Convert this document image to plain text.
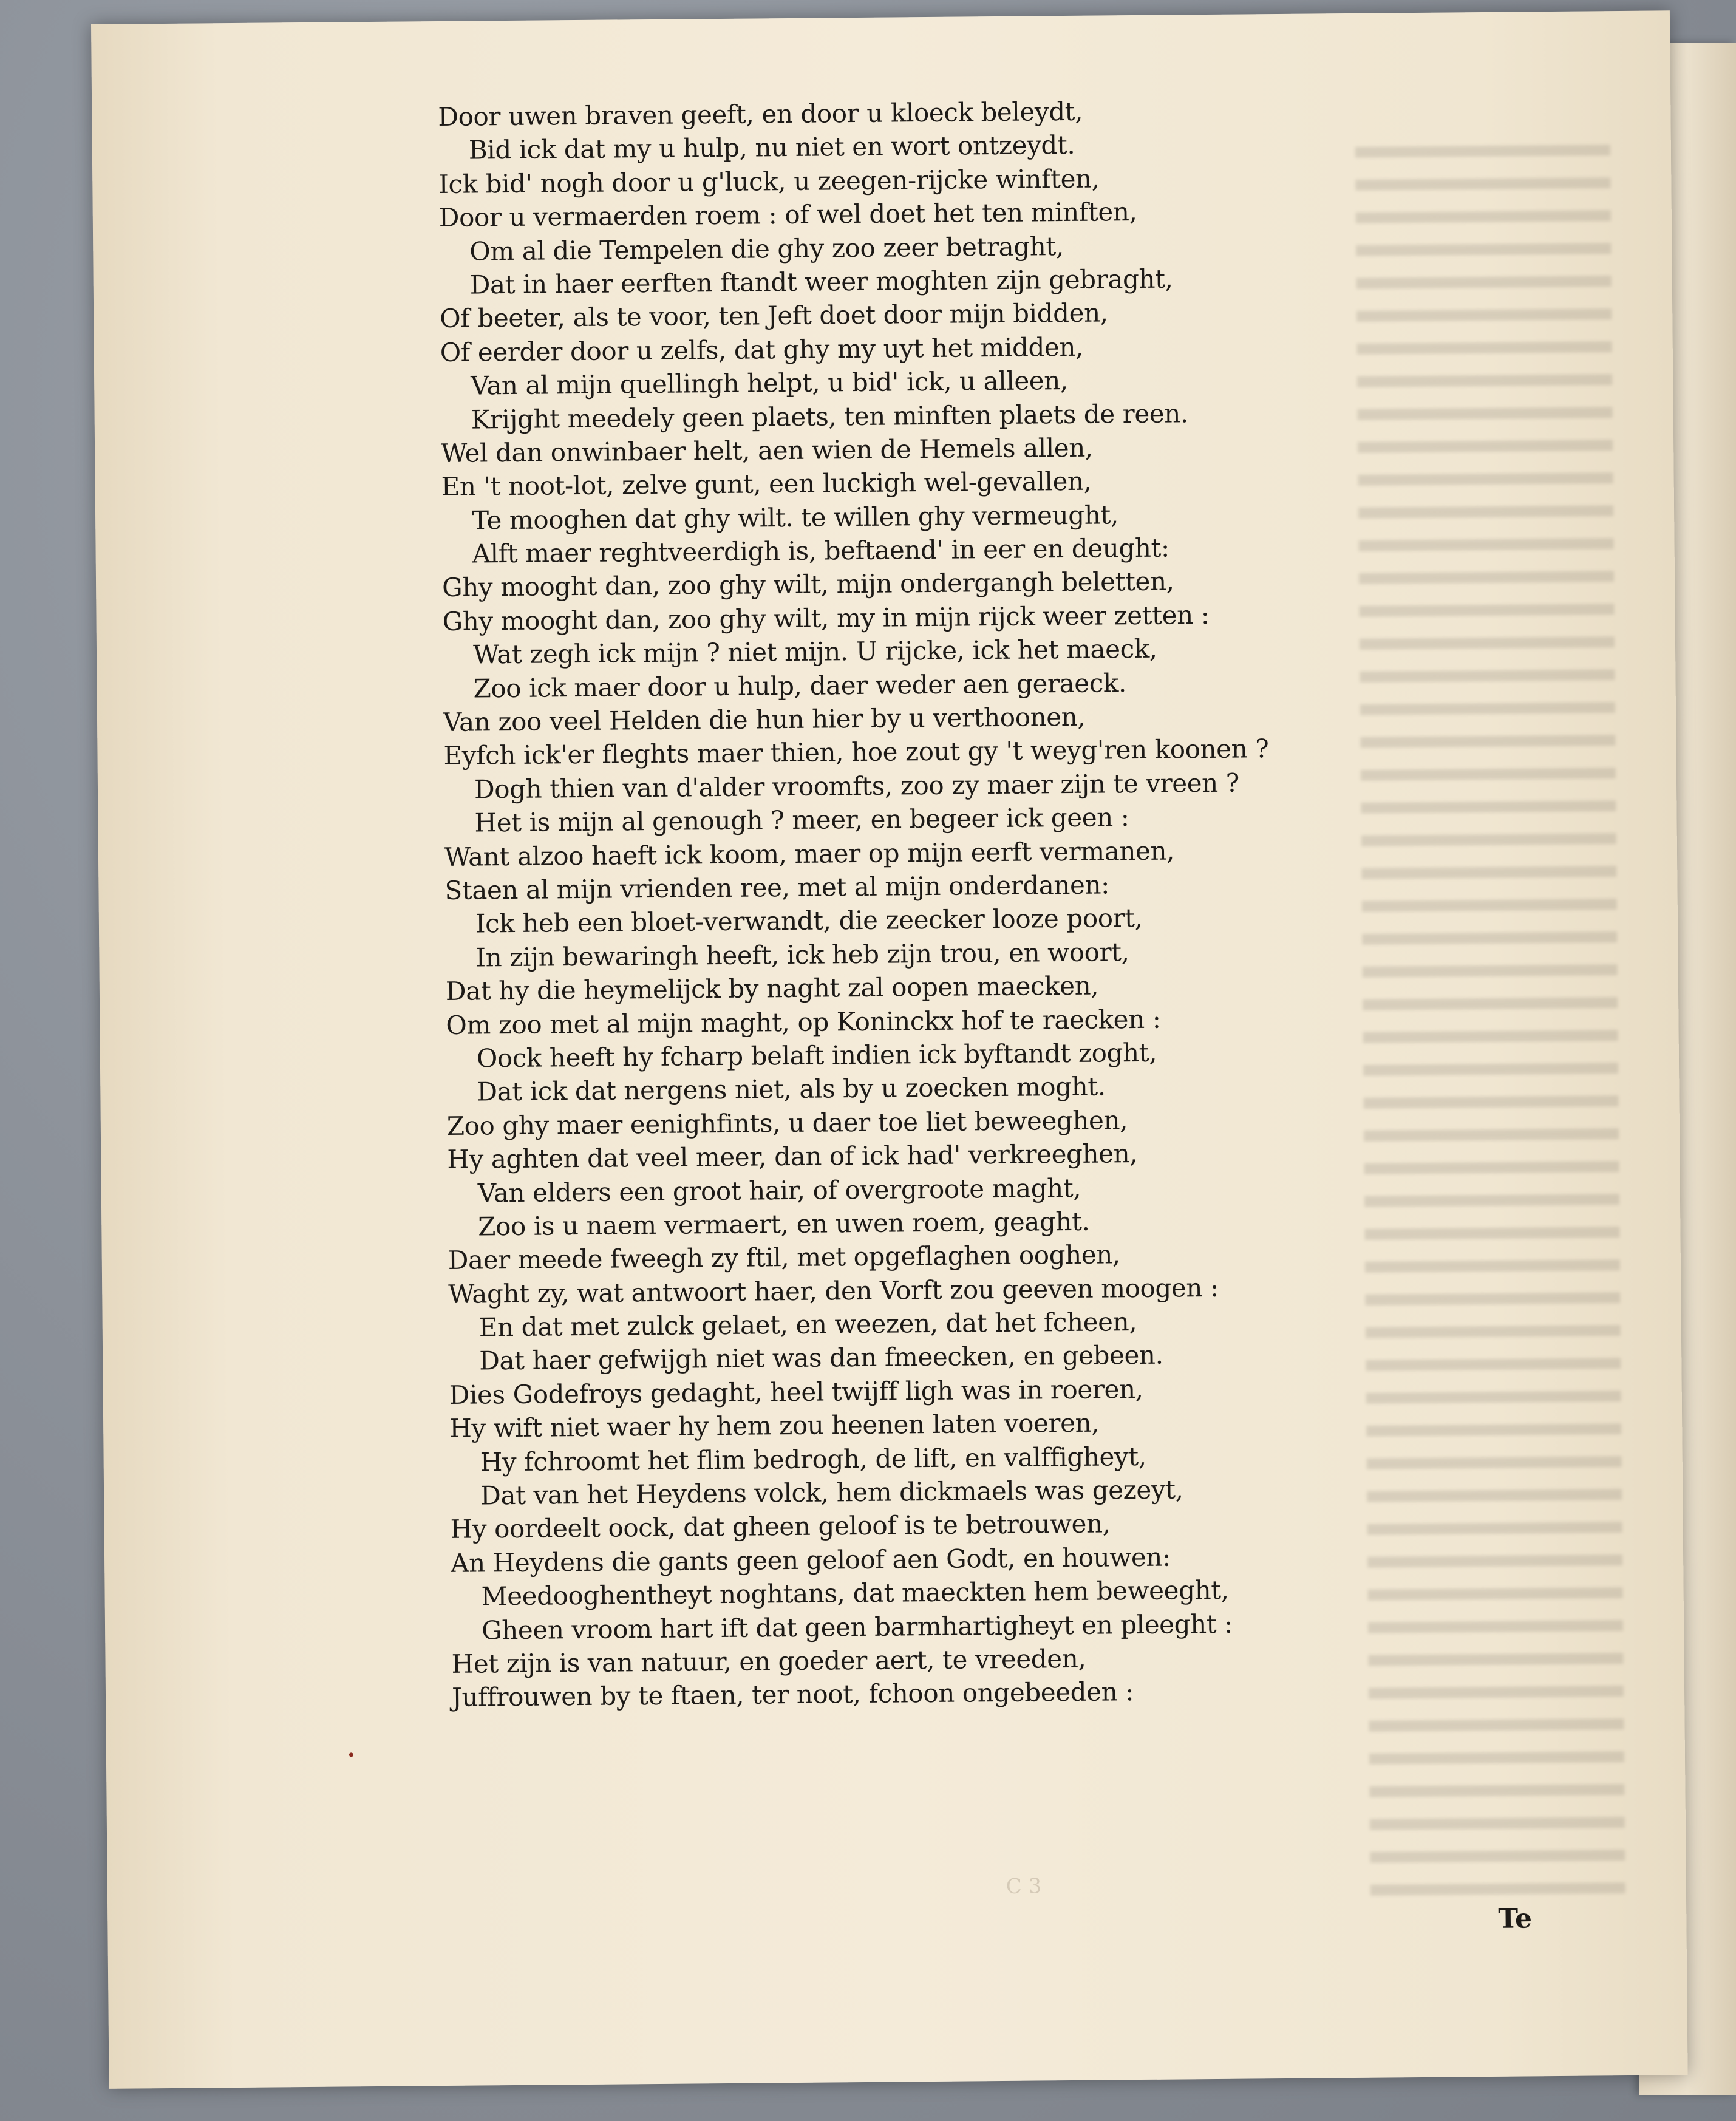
Door uwen braven geeft, en door u kloeck beleydt,
Bid ick dat my u hulp, nu niet en wort ontzeydt.
Ick bid' nogh door u g'luck, u zeegen-rijcke winften,
Door u vermaerden roem : of wel doet het ten minften,
Om al die Tempelen die ghy zoo zeer betraght,
Dat in haer eerften ftandt weer moghten zijn gebraght,
Of beeter, als te voor, ten Jeft doet door mijn bidden,
Of eerder door u zelfs, dat ghy my uyt het midden,
Van al mijn quellingh helpt, u bid' ick, u alleen,
Krijght meedely geen plaets, ten minften plaets de reen.
Wel dan onwinbaer helt, aen wien de Hemels allen,
En 't noot-lot, zelve gunt, een luckigh wel-gevallen,
Te mooghen dat ghy wilt. te willen ghy vermeught,
Alft maer reghtveerdigh is, beftaend' in eer en deught:
Ghy mooght dan, zoo ghy wilt, mijn ondergangh beletten,
Ghy mooght dan, zoo ghy wilt, my in mijn rijck weer zetten :
Wat zegh ick mijn ? niet mijn. U rijcke, ick het maeck,
Zoo ick maer door u hulp, daer weder aen geraeck.
Van zoo veel Helden die hun hier by u verthoonen,
Eyfch ick'er fleghts maer thien, hoe zout gy 't weyg'ren koonen ?
Dogh thien van d'alder vroomfts, zoo zy maer zijn te vreen ?
Het is mijn al genough ? meer, en begeer ick geen :
Want alzoo haeft ick koom, maer op mijn eerft vermanen,
Staen al mijn vrienden ree, met al mijn onderdanen:
Ick heb een bloet-verwandt, die zeecker looze poort,
In zijn bewaringh heeft, ick heb zijn trou, en woort,
Dat hy die heymelijck by naght zal oopen maecken,
Om zoo met al mijn maght, op Koninckx hof te raecken :
Oock heeft hy fcharp belaft indien ick byftandt zoght,
Dat ick dat nergens niet, als by u zoecken moght.
Zoo ghy maer eenighfints, u daer toe liet beweeghen,
Hy aghten dat veel meer, dan of ick had' verkreeghen,
Van elders een groot hair, of overgroote maght,
Zoo is u naem vermaert, en uwen roem, geaght.
Daer meede fweegh zy ftil, met opgeflaghen ooghen,
Waght zy, wat antwoort haer, den Vorft zou geeven moogen :
En dat met zulck gelaet, en weezen, dat het fcheen,
Dat haer gefwijgh niet was dan fmeecken, en gebeen.
Dies Godefroys gedaght, heel twijff ligh was in roeren,
Hy wift niet waer hy hem zou heenen laten voeren,
Hy fchroomt het flim bedrogh, de lift, en valffigheyt,
Dat van het Heydens volck, hem dickmaels was gezeyt,
Hy oordeelt oock, dat gheen geloof is te betrouwen,
An Heydens die gants geen geloof aen Godt, en houwen:
Meedooghentheyt noghtans, dat maeckten hem beweeght,
Gheen vroom hart ift dat geen barmhartigheyt en pleeght :
Het zijn is van natuur, en goeder aert, te vreeden,
Juffrouwen by te ftaen, ter noot, fchoon ongebeeden :
C 3
Te
